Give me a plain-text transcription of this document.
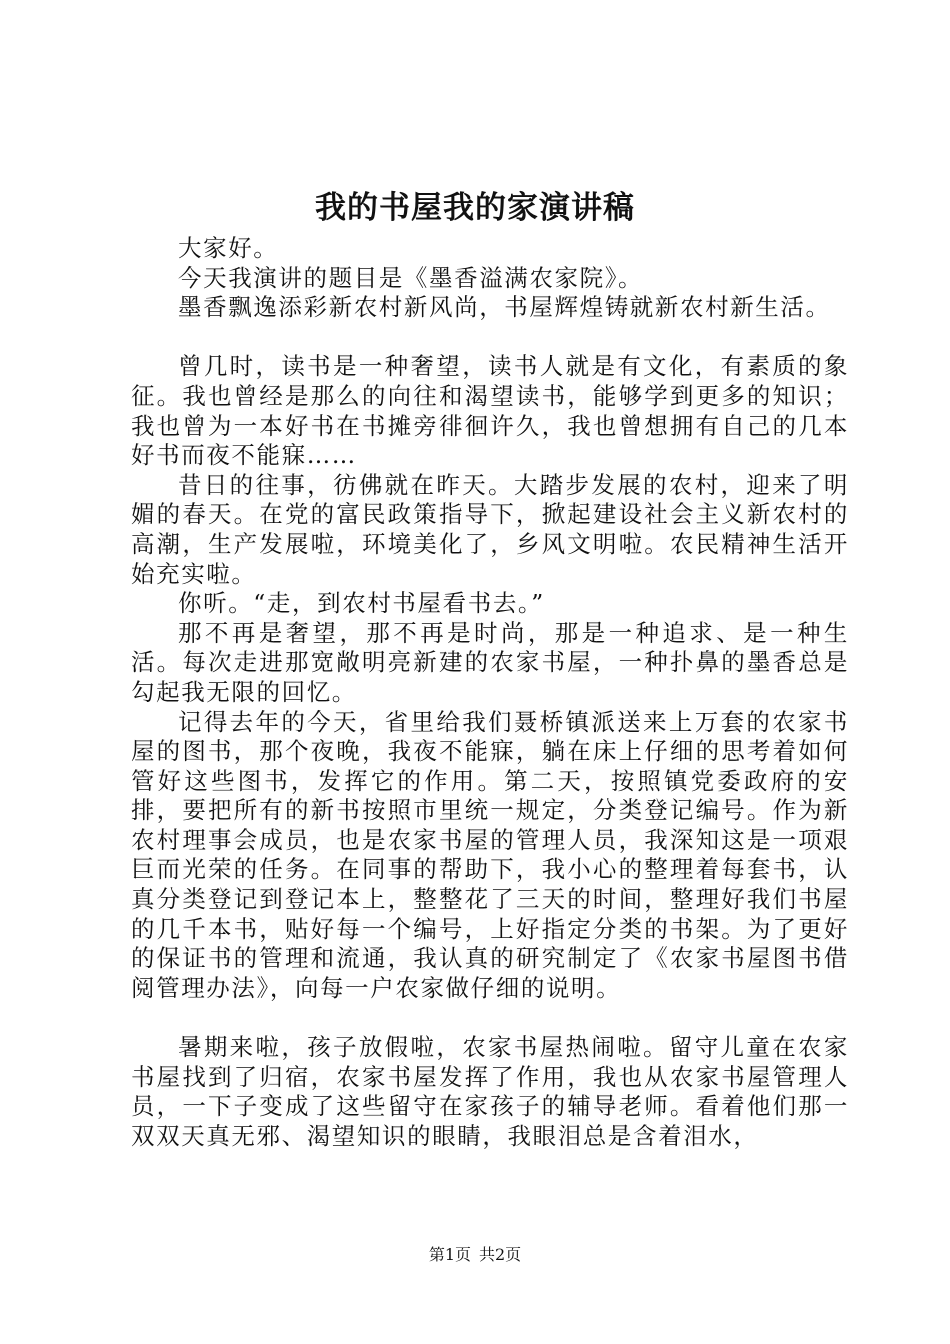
我的书屋我的家演讲稿

大家好。

今天我演讲的题目是《墨香溢满农家院》。

墨香飘逸添彩新农村新风尚，书屋辉煌铸就新农村新生活。

曾几时，读书是一种奢望，读书人就是有文化，有素质的象征。我也曾经是那么的向往和渴望读书，能够学到更多的知识；我也曾为一本好书在书摊旁徘徊许久，我也曾想拥有自己的几本好书而夜不能寐……

昔日的往事，彷佛就在昨天。大踏步发展的农村，迎来了明媚的春天。在党的富民政策指导下，掀起建设社会主义新农村的高潮，生产发展啦，环境美化了，乡风文明啦。农民精神生活开始充实啦。

你听。“走，到农村书屋看书去。”

那不再是奢望，那不再是时尚，那是一种追求、是一种生活。每次走进那宽敞明亮新建的农家书屋，一种扑鼻的墨香总是勾起我无限的回忆。

记得去年的今天，省里给我们聂桥镇派送来上万套的农家书屋的图书，那个夜晚，我夜不能寐，躺在床上仔细的思考着如何管好这些图书，发挥它的作用。第二天，按照镇党委政府的安排，要把所有的新书按照市里统一规定，分类登记编号。作为新农村理事会成员，也是农家书屋的管理人员，我深知这是一项艰巨而光荣的任务。在同事的帮助下，我小心的整理着每套书，认真分类登记到登记本上，整整花了三天的时间，整理好我们书屋的几千本书，贴好每一个编号，上好指定分类的书架。为了更好的保证书的管理和流通，我认真的研究制定了《农家书屋图书借阅管理办法》，向每一户农家做仔细的说明。

暑期来啦，孩子放假啦，农家书屋热闹啦。留守儿童在农家书屋找到了归宿，农家书屋发挥了作用，我也从农家书屋管理人员，一下子变成了这些留守在家孩子的辅导老师。看着他们那一双双天真无邪、渴望知识的眼睛，我眼泪总是含着泪水，

第1页 共2页
